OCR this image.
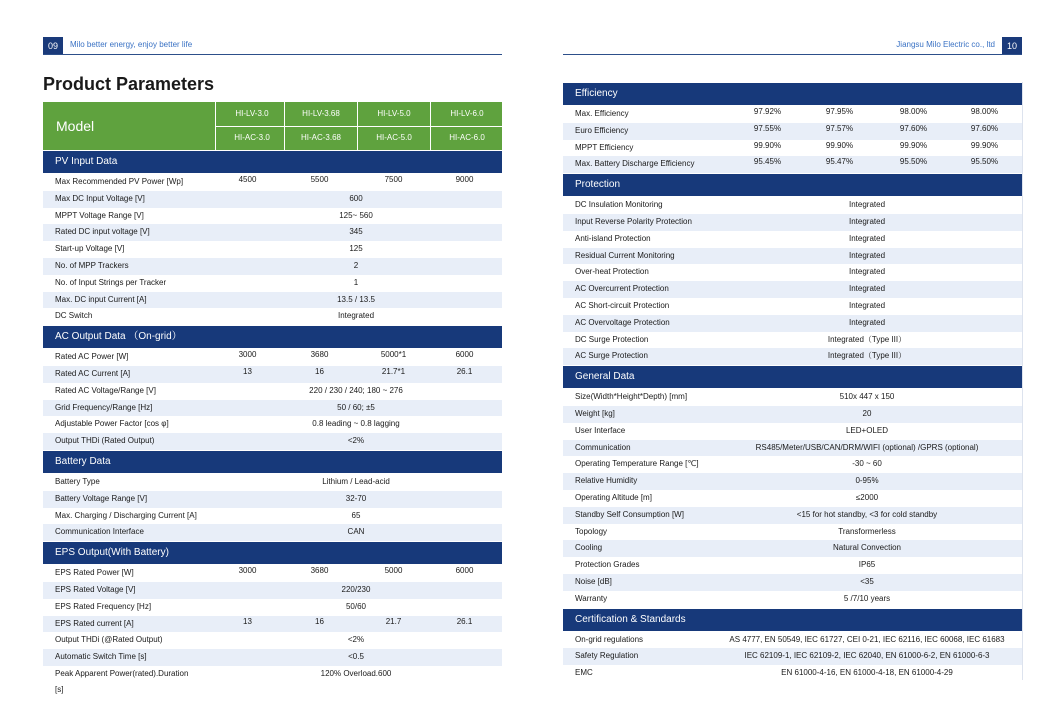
09	Milo better energy, enjoy better life	Jiangsu Milo Electric co., ltd	10
Product Parameters
Model
HI-LV-3.0	HI-LV-3.68	HI-LV-5.0	HI-LV-6.0
HI-AC-3.0	HI-AC-3.68	HI-AC-5.0	HI-AC-6.0
PV Input Data
Max Recommended PV Power [Wp]	4500	5500	7500	9000
Max DC Input Voltage [V]	600
MPPT Voltage Range [V]	125~ 560
Rated DC input voltage [V]	345
Start-up Voltage [V]	125
No. of MPP Trackers	2
No. of Input Strings per Tracker	1
Max. DC input Current [A]	13.5 / 13.5
DC Switch	Integrated
AC Output Data （On-grid）
Rated AC Power [W]	3000	3680	5000*1	6000
Rated AC Current [A]	13	16	21.7*1	26.1
Rated AC Voltage/Range [V]	220 / 230 / 240; 180 ~ 276
Grid Frequency/Range [Hz]	50 / 60; ±5
Adjustable Power Factor [cos φ]	0.8 leading ~ 0.8 lagging
Output THDi (Rated Output)	<2%
Battery Data
Battery Type	Lithium / Lead-acid
Battery Voltage Range [V]	32-70
Max. Charging / Discharging Current [A]	65
Communication Interface	CAN
EPS Output(With Battery)
EPS Rated Power [W]	3000	3680	5000	6000
EPS Rated Voltage [V]	220/230
EPS Rated Frequency [Hz]	50/60
EPS Rated current [A]	13	16	21.7	26.1
Output THDi (@Rated Output)	<2%
Automatic Switch Time [s]	<0.5
Peak Apparent Power(rated).Duration	120% Overload.600
[s]
Efficiency
Max. Efficiency	97.92%	97.95%	98.00%	98.00%
Euro Efficiency	97.55%	97.57%	97.60%	97.60%
MPPT Efficiency	99.90%	99.90%	99.90%	99.90%
Max. Battery Discharge Efficiency	95.45%	95.47%	95.50%	95.50%
Protection
DC Insulation Monitoring	Integrated
Input Reverse Polarity Protection	Integrated
Anti-island Protection	Integrated
Residual Current Monitoring	Integrated
Over-heat Protection	Integrated
AC Overcurrent Protection	Integrated
AC Short-circuit Protection	Integrated
AC Overvoltage Protection	Integrated
DC Surge Protection	Integrated（Type III）
AC Surge Protection	Integrated（Type III）
General Data
Size(Width*Height*Depth) [mm]	510x 447 x 150
Weight [kg]	20
User Interface	LED+OLED
Communication	RS485/Meter/USB/CAN/DRM/WIFI (optional) /GPRS (optional)
Operating Temperature Range [℃]	-30 ~ 60
Relative Humidity	0-95%
Operating Altitude [m]	≤2000
Standby Self Consumption [W]	<15 for hot standby, <3 for cold standby
Topology	Transformerless
Cooling	Natural Convection
Protection Grades	IP65
Noise [dB]	<35
Warranty	5 /7/10 years
Certification & Standards
On-grid regulations	AS 4777, EN 50549, IEC 61727, CEI 0-21, IEC 62116, IEC 60068, IEC 61683
Safety Regulation	IEC 62109-1, IEC 62109-2, IEC 62040, EN 61000-6-2, EN 61000-6-3
EMC	EN 61000-4-16, EN 61000-4-18, EN 61000-4-29
